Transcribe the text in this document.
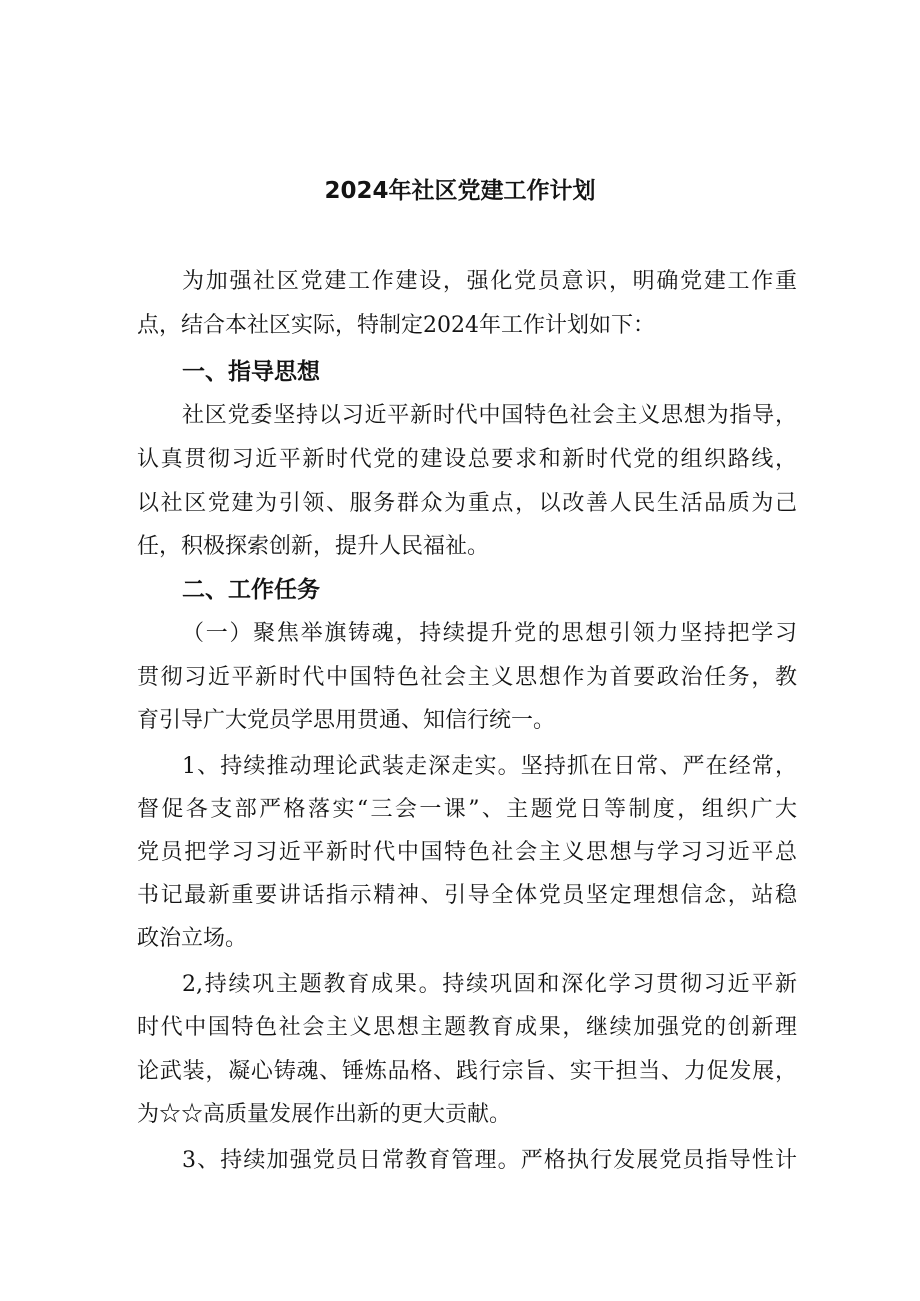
2024年社区党建工作计划

为加强社区党建工作建设，强化党员意识，明确党建工作重

点，结合本社区实际，特制定2024年工作计划如下：

一、指导思想

社区党委坚持以习近平新时代中国特色社会主义思想为指导，

认真贯彻习近平新时代党的建设总要求和新时代党的组织路线，

以社区党建为引领、服务群众为重点，以改善人民生活品质为己

任，积极探索创新，提升人民福祉。

二、工作任务

（一）聚焦举旗铸魂，持续提升党的思想引领力坚持把学习

贯彻习近平新时代中国特色社会主义思想作为首要政治任务，教

育引导广大党员学思用贯通、知信行统一。

1、持续推动理论武装走深走实。坚持抓在日常、严在经常，

督促各支部严格落实“三会一课”、主题党日等制度，组织广大

党员把学习习近平新时代中国特色社会主义思想与学习习近平总

书记最新重要讲话指示精神、引导全体党员坚定理想信念，站稳

政治立场。

2,持续巩主题教育成果。持续巩固和深化学习贯彻习近平新

时代中国特色社会主义思想主题教育成果，继续加强党的创新理

论武装，凝心铸魂、锤炼品格、践行宗旨、实干担当、力促发展，

为☆☆高质量发展作出新的更大贡献。

3、持续加强党员日常教育管理。严格执行发展党员指导性计
